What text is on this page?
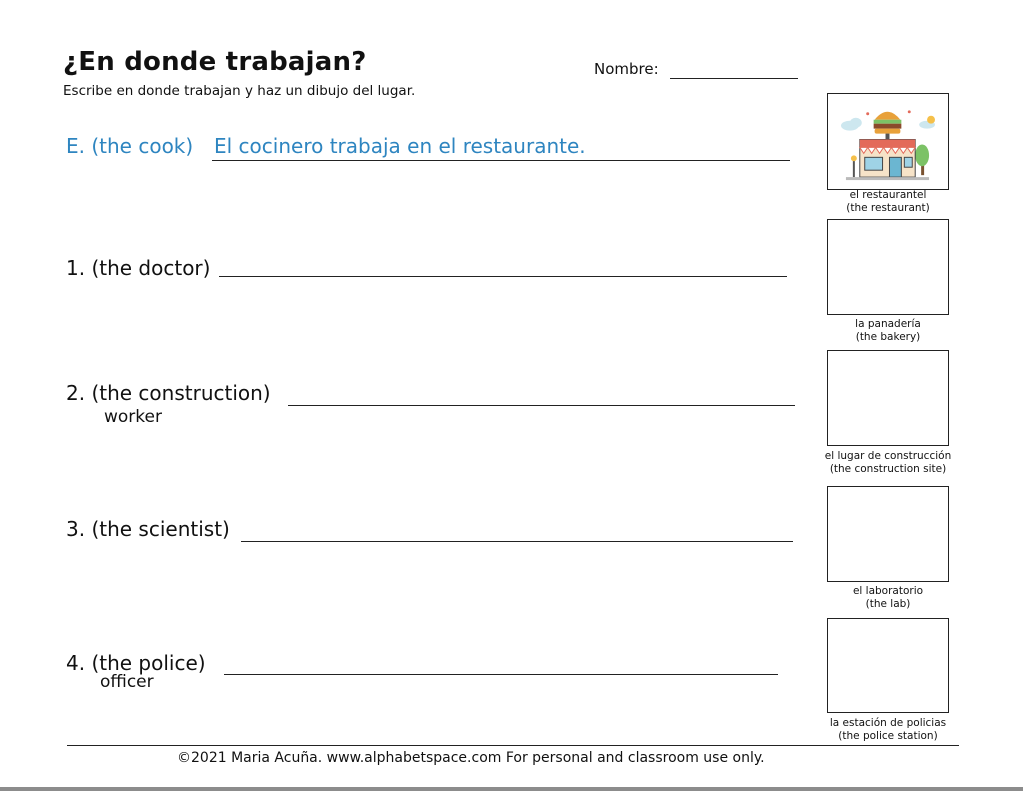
¿En donde trabajan?	Nombre:
Escribe en donde trabajan y haz un dibujo del lugar.
E. (the cook) El cocinero trabaja en el restaurante.
1. (the doctor)
2. (the construction)
worker
3. (the scientist)
4. (the police)
officer
el restaurantel
(the restaurant)
la panadería
(the bakery)
el lugar de construcción
(the construction site)
el laboratorio
(the lab)
la estación de policias
(the police station)
©2021 Maria Acuña. www.alphabetspace.com For personal and classroom use only.
